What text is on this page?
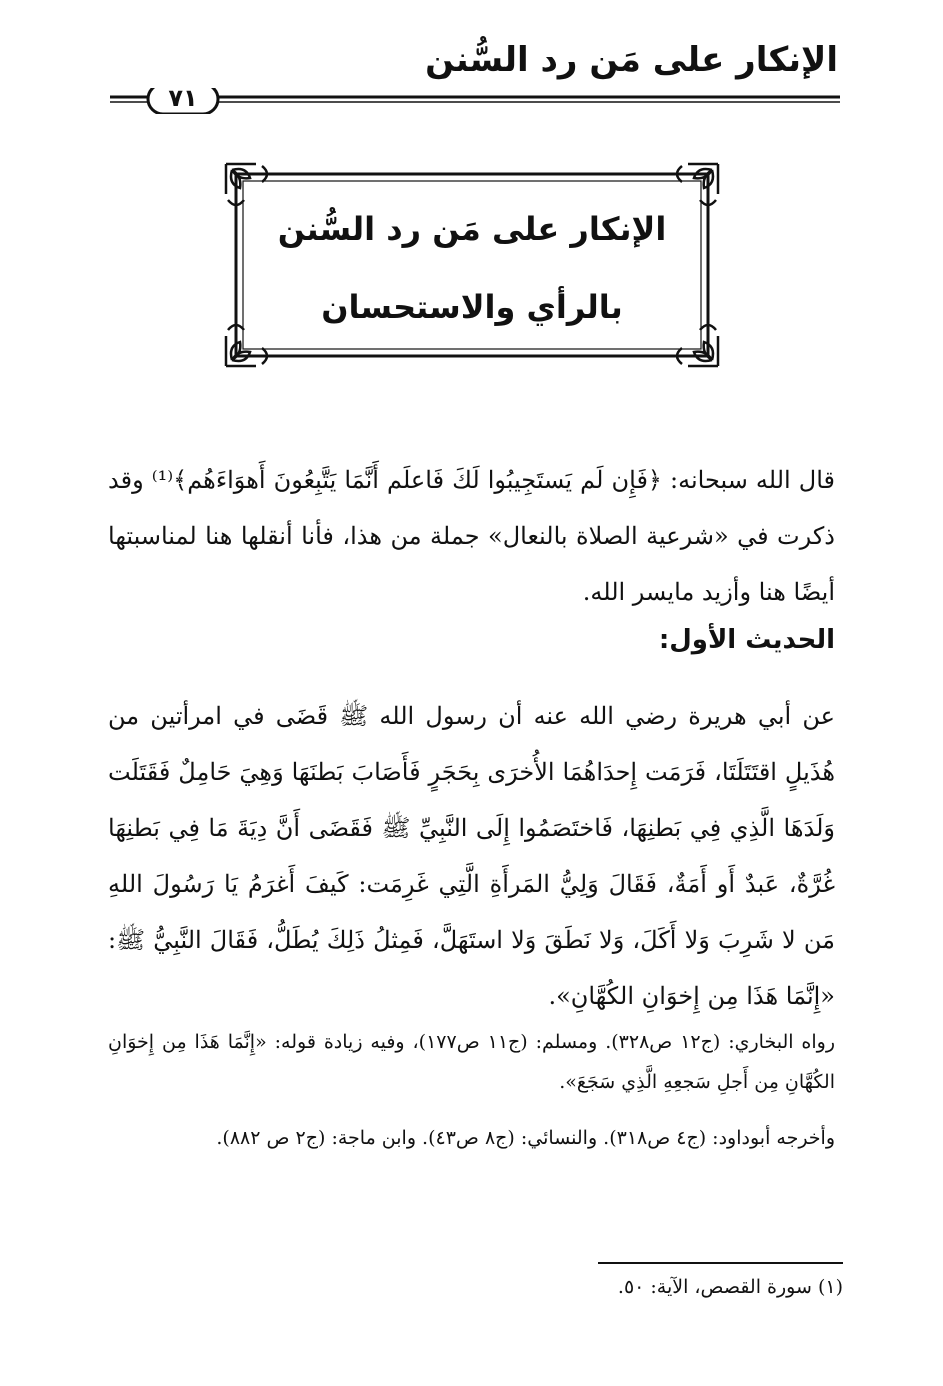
الإنكار على مَن رد السُّنن
٧١
الإنكار على مَن رد السُّنن
بالرأي والاستحسان
قال الله سبحانه: ﴿فَإِن لَم يَستَجِيبُوا لَكَ فَاعلَم أَنَّمَا يَتَّبِعُونَ أَهوَاءَهُم﴾⁽¹⁾ وقد ذكرت في «شرعية الصلاة بالنعال» جملة من هذا، فأنا أنقلها هنا لمناسبتها أيضًا هنا وأزيد مايسر الله.
الحديث الأول:
عن أبي هريرة رضي الله عنه أن رسول الله ﷺ قَضَى في امرأتين من هُذَيلٍ اقتَتَلَتَا، فَرَمَت إِحدَاهُمَا الأُخرَى بِحَجَرٍ فَأَصَابَ بَطنَهَا وَهِيَ حَامِلٌ فَقَتَلَت وَلَدَهَا الَّذِي فِي بَطنِهَا، فَاختَصَمُوا إِلَى النَّبِيِّ ﷺ فَقَضَى أَنَّ دِيَةَ مَا فِي بَطنِهَا غُرَّةٌ، عَبدٌ أَو أَمَةٌ، فَقَالَ وَلِيُّ المَرأَةِ الَّتِي غَرِمَت: كَيفَ أَغرَمُ يَا رَسُولَ اللهِ مَن لا شَرِبَ وَلا أَكَلَ، وَلا نَطَقَ وَلا استَهَلَّ، فَمِثلُ ذَلِكَ يُطَلُّ، فَقَالَ النَّبِيُّ ﷺ: «إِنَّمَا هَذَا مِن إِخوَانِ الكُهَّانِ».
رواه البخاري: (ج١٢ ص٣٢٨). ومسلم: (ج١١ ص١٧٧)، وفيه زيادة قوله: «إِنَّمَا هَذَا مِن إِخوَانِ الكُهَّانِ مِن أَجلِ سَجعِهِ الَّذِي سَجَعَ».
وأخرجه أبوداود: (ج٤ ص٣١٨). والنسائي: (ج٨ ص٤٣). وابن ماجة: (ج٢ ص ٨٨٢).
(١) سورة القصص، الآية: ٥٠.
